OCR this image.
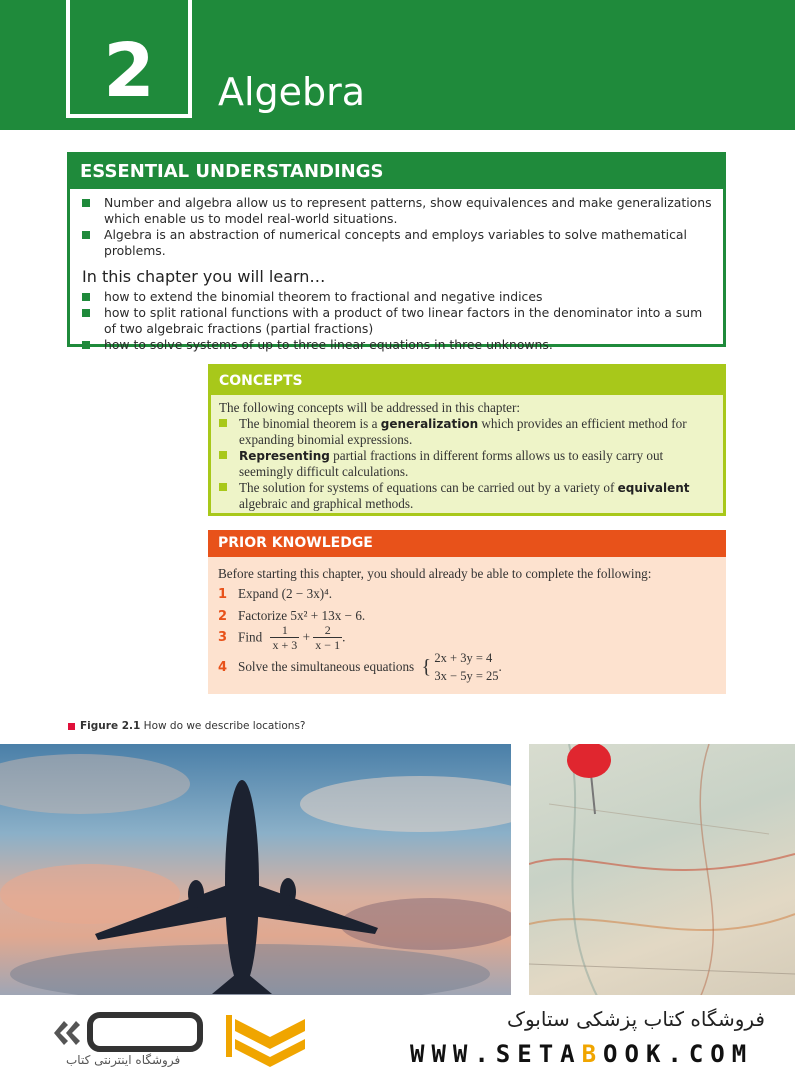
2	Algebra
ESSENTIAL UNDERSTANDINGS
Number and algebra allow us to represent patterns, show equivalences and make generalizations which enable us to model real-world situations.
Algebra is an abstraction of numerical concepts and employs variables to solve mathematical problems.
In this chapter you will learn…
how to extend the binomial theorem to fractional and negative indices
how to split rational functions with a product of two linear factors in the denominator into a sum of two algebraic fractions (partial fractions)
how to solve systems of up to three linear equations in three unknowns.
CONCEPTS
The following concepts will be addressed in this chapter:
The binomial theorem is a generalization which provides an efficient method for expanding binomial expressions.
Representing partial fractions in different forms allows us to easily carry out seemingly difficult calculations.
The solution for systems of equations can be carried out by a variety of equivalent algebraic and graphical methods.
PRIOR KNOWLEDGE
Before starting this chapter, you should already be able to complete the following:
1 Expand (2 − 3x)⁴.
2 Factorize 5x² + 13x − 6.
3 Find $\frac{1}{x + 3} + \frac{2}{x - 1}$ .
4 Solve the simultaneous equations { 2x + 3y = 4
3x − 5y = 25
.
Figure 2.1 How do we describe locations?
فروشگاه اینترنتی کتاب
فروشگاه کتاب پزشکی ستابوک
WWW.SETABOOK.COM
